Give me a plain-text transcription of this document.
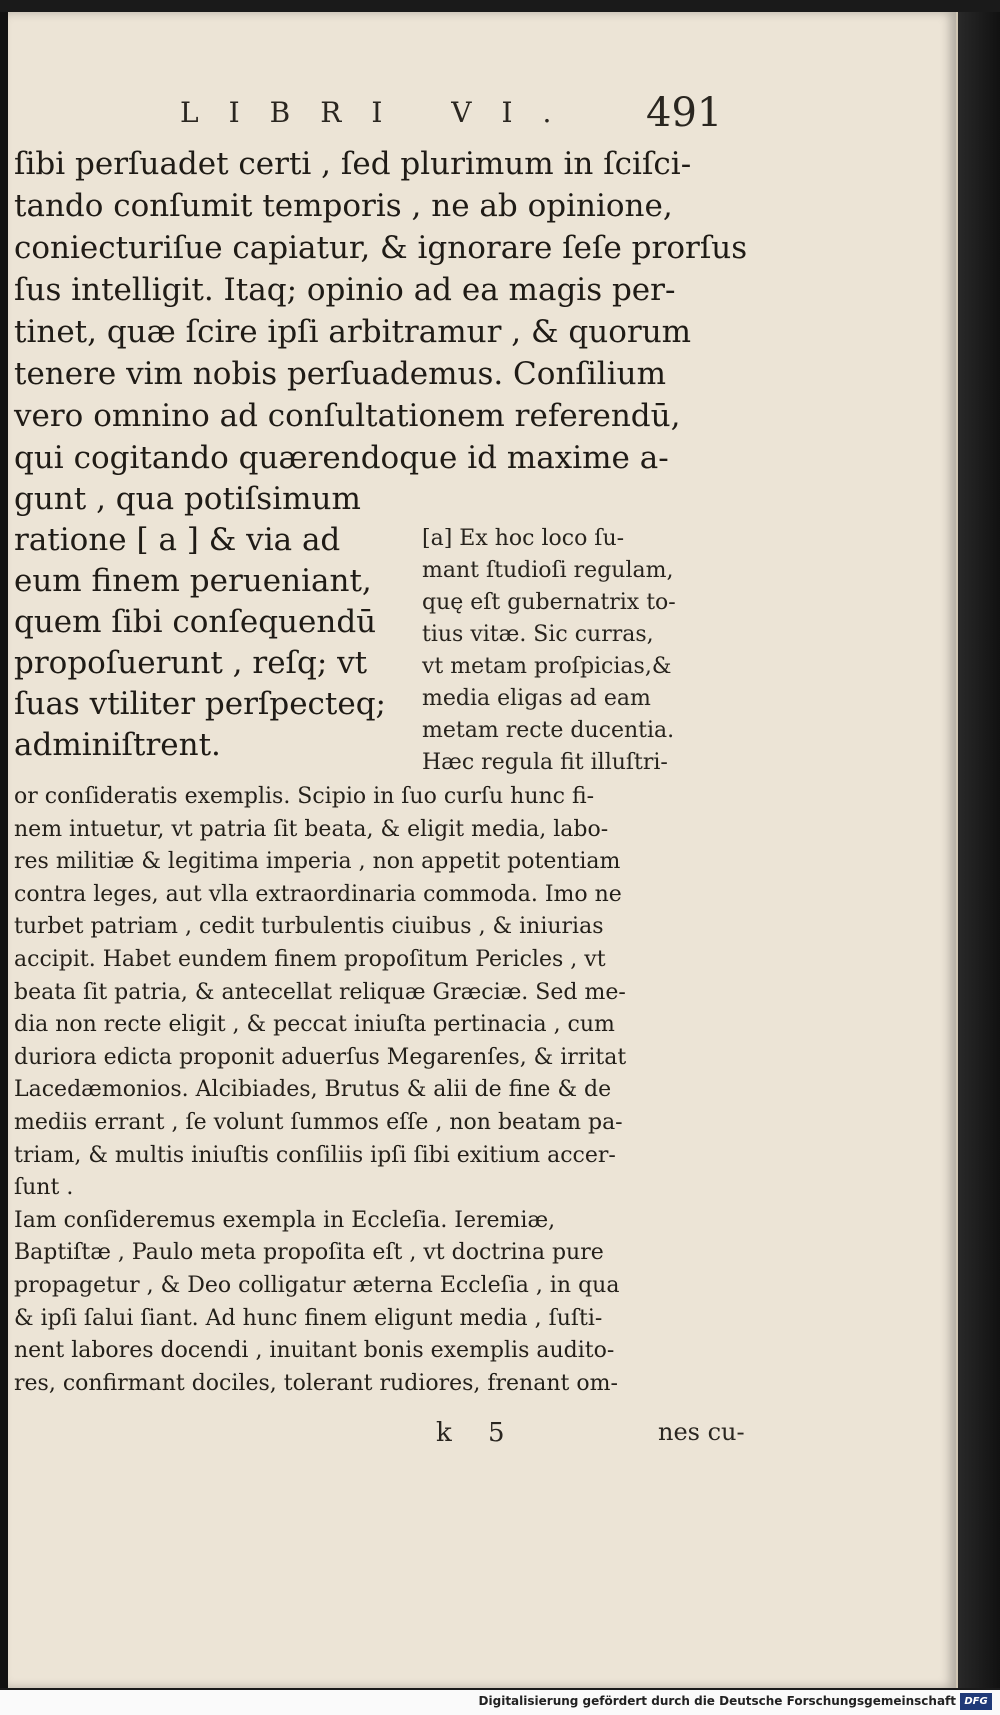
LIBRI VI.	491
ſibi perſuadet certi , ſed plurimum in ſciſci-
tando conſumit temporis , ne ab opinione,
coniecturiſue capiatur, & ignorare ſeſe prorſus
ſus intelligit. Itaq; opinio ad ea magis per-
tinet, quæ ſcire ipſi arbitramur , & quorum
tenere vim nobis perſuademus. Conſilium
vero omnino ad conſultationem referendū,
qui cogitando quærendoque id maxime a-
gunt , qua potiſsimum
ratione [ a ] & via ad
eum finem perueniant,
quem ſibi conſequendū
propoſuerunt , reſq; vt
ſuas vtiliter perſpecteq;
adminiſtrent.
[a] Ex hoc loco ſu-
mant ſtudioſi regulam,
quę eſt gubernatrix to-
tius vitæ. Sic curras,
vt metam proſpicias,&
media eligas ad eam
metam recte ducentia.
Hæc regula fit illuſtri-
or conſideratis exemplis. Scipio in ſuo curſu hunc fi-
nem intuetur, vt patria ſit beata, & eligit media, labo-
res militiæ & legitima imperia , non appetit potentiam
contra leges, aut vlla extraordinaria commoda. Imo ne
turbet patriam , cedit turbulentis ciuibus , & iniurias
accipit. Habet eundem finem propoſitum Pericles , vt
beata ſit patria, & antecellat reliquæ Græciæ. Sed me-
dia non recte eligit , & peccat iniuſta pertinacia , cum
duriora edicta proponit aduerſus Megarenſes, & irritat
Lacedæmonios. Alcibiades, Brutus & alii de fine & de
mediis errant , ſe volunt ſummos eſſe , non beatam pa-
triam, & multis iniuſtis conſiliis ipſi ſibi exitium accer-
ſunt .
Iam conſideremus exempla in Eccleſia. Ieremiæ,
Baptiſtæ , Paulo meta propoſita eſt , vt doctrina pure
propagetur , & Deo colligatur æterna Eccleſia , in qua
& ipſi ſalui ſiant. Ad hunc finem eligunt media , ſuſti-
nent labores docendi , inuitant bonis exemplis audito-
res, confirmant dociles, tolerant rudiores, frenant om-
k 5	nes cu-
Digitalisierung gefördert durch die Deutsche Forschungsgemeinschaft DFG
